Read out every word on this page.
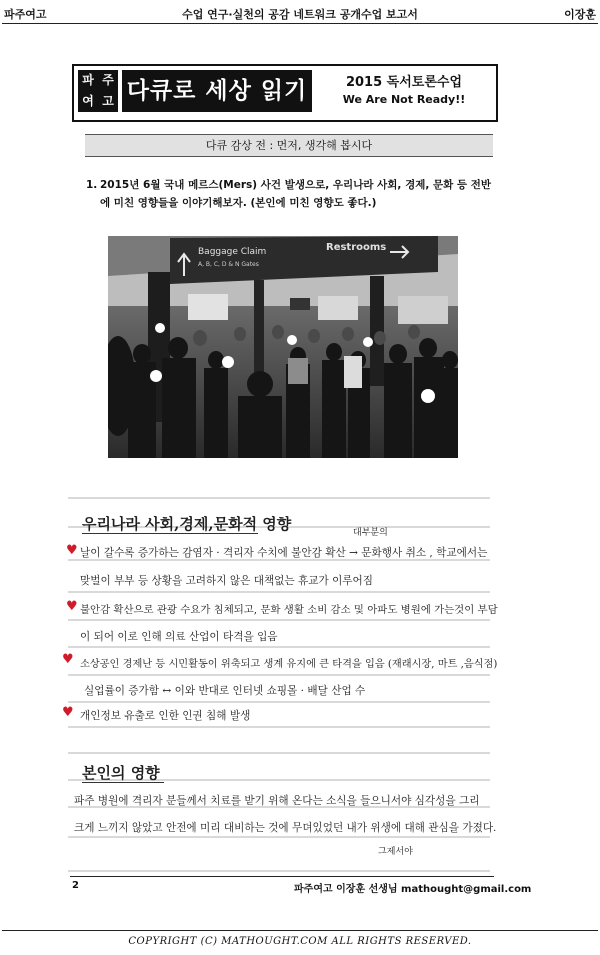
파주여고	수업 연구·실천의 공감 네트워크 공개수업 보고서	이장훈
파 주
여 고 다큐로 세상 읽기	2015 독서토론수업
We Are Not Ready!!
다큐 감상 전 : 먼저, 생각해 봅시다
1. 2015년 6월 국내 메르스(Mers) 사건 발생으로, 우리나라 사회, 경제, 문화 등 전반에 미친 영향들을 이야기해보자. (본인에 미친 영향도 좋다.)
Baggage Claim
A, B, C, D & N Gates
Restrooms
우리나라 사회,경제,문화적 영향	대부분의
♥ 날이 갈수록 증가하는 감염자 · 격리자 수치에 불안감 확산 → 문화행사 취소 , 학교에서는
맞벌이 부부 등 상황을 고려하지 않은 대책없는 휴교가 이루어짐
♥ 불안감 확산으로 관광 수요가 침체되고, 문화 생활 소비 감소 및 아파도 병원에 가는것이 부담
이 되어 이로 인해 의료 산업이 타격을 입음
♥ 소상공인 경제난 등 시민활동이 위축되고 생계 유지에 큰 타격을 입음 (재래시장, 마트 ,음식점)
실업률이 증가함 ↔ 이와 반대로 인터넷 쇼핑몰 · 배달 산업 수
♥ 개인정보 유출로 인한 인권 침해 발생
본인의 영향
파주 병원에 격리자 분들께서 치료를 받기 위해 온다는 소식을 들으니서야 심각성을 그리
크게 느끼지 않았고 안전에 미리 대비하는 것에 무뎌있었던 내가 위생에 대해 관심을 가졌다.
그제서야
2	파주여고 이장훈 선생님 mathought@gmail.com
COPYRIGHT (C) MATHOUGHT.COM ALL RIGHTS RESERVED.
